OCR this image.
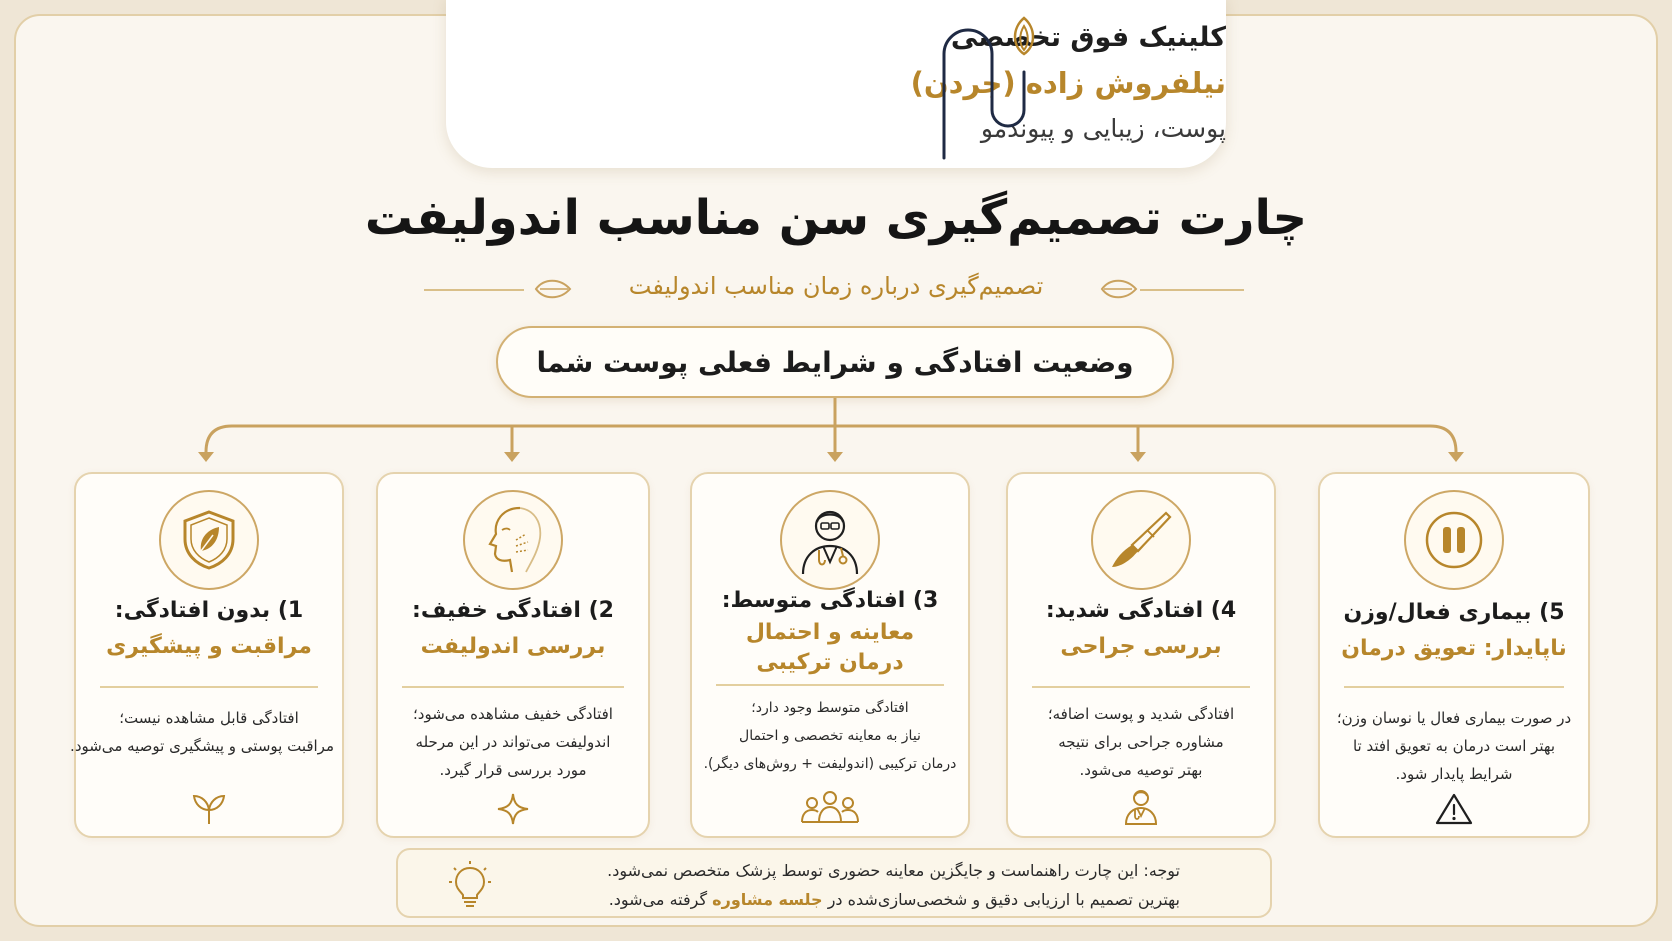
کلینیک فوق تخصصی
نیلفروش زاده (جردن)
پوست، زیبایی و پیوندمو
چارت تصمیم‌گیری سن مناسب اندولیفت
تصمیم‌گیری درباره زمان مناسب اندولیفت
وضعیت افتادگی و شرایط فعلی پوست شما
1) بدون افتادگی:
مراقبت و پیشگیری
افتادگی قابل مشاهده نیست؛
مراقبت پوستی و پیشگیری توصیه می‌شود.
2) افتادگی خفیف:
بررسی اندولیفت
افتادگی خفیف مشاهده می‌شود؛
اندولیفت می‌تواند در این مرحله
مورد بررسی قرار گیرد.
3) افتادگی متوسط:
معاینه و احتمال
درمان ترکیبی
افتادگی متوسط وجود دارد؛
نیاز به معاینه تخصصی و احتمال
درمان ترکیبی (اندولیفت + روش‌های دیگر).
4) افتادگی شدید:
بررسی جراحی
افتادگی شدید و پوست اضافه؛
مشاوره جراحی برای نتیجه
بهتر توصیه می‌شود.
5) بیماری فعال/وزن
ناپایدار: تعویق درمان
در صورت بیماری فعال یا نوسان وزن؛
بهتر است درمان به تعویق افتد تا
شرایط پایدار شود.
توجه: این چارت راهنماست و جایگزین معاینه حضوری توسط پزشک متخصص نمی‌شود.
بهترین تصمیم با ارزیابی دقیق و شخصی‌سازی‌شده در جلسه مشاوره گرفته می‌شود.
